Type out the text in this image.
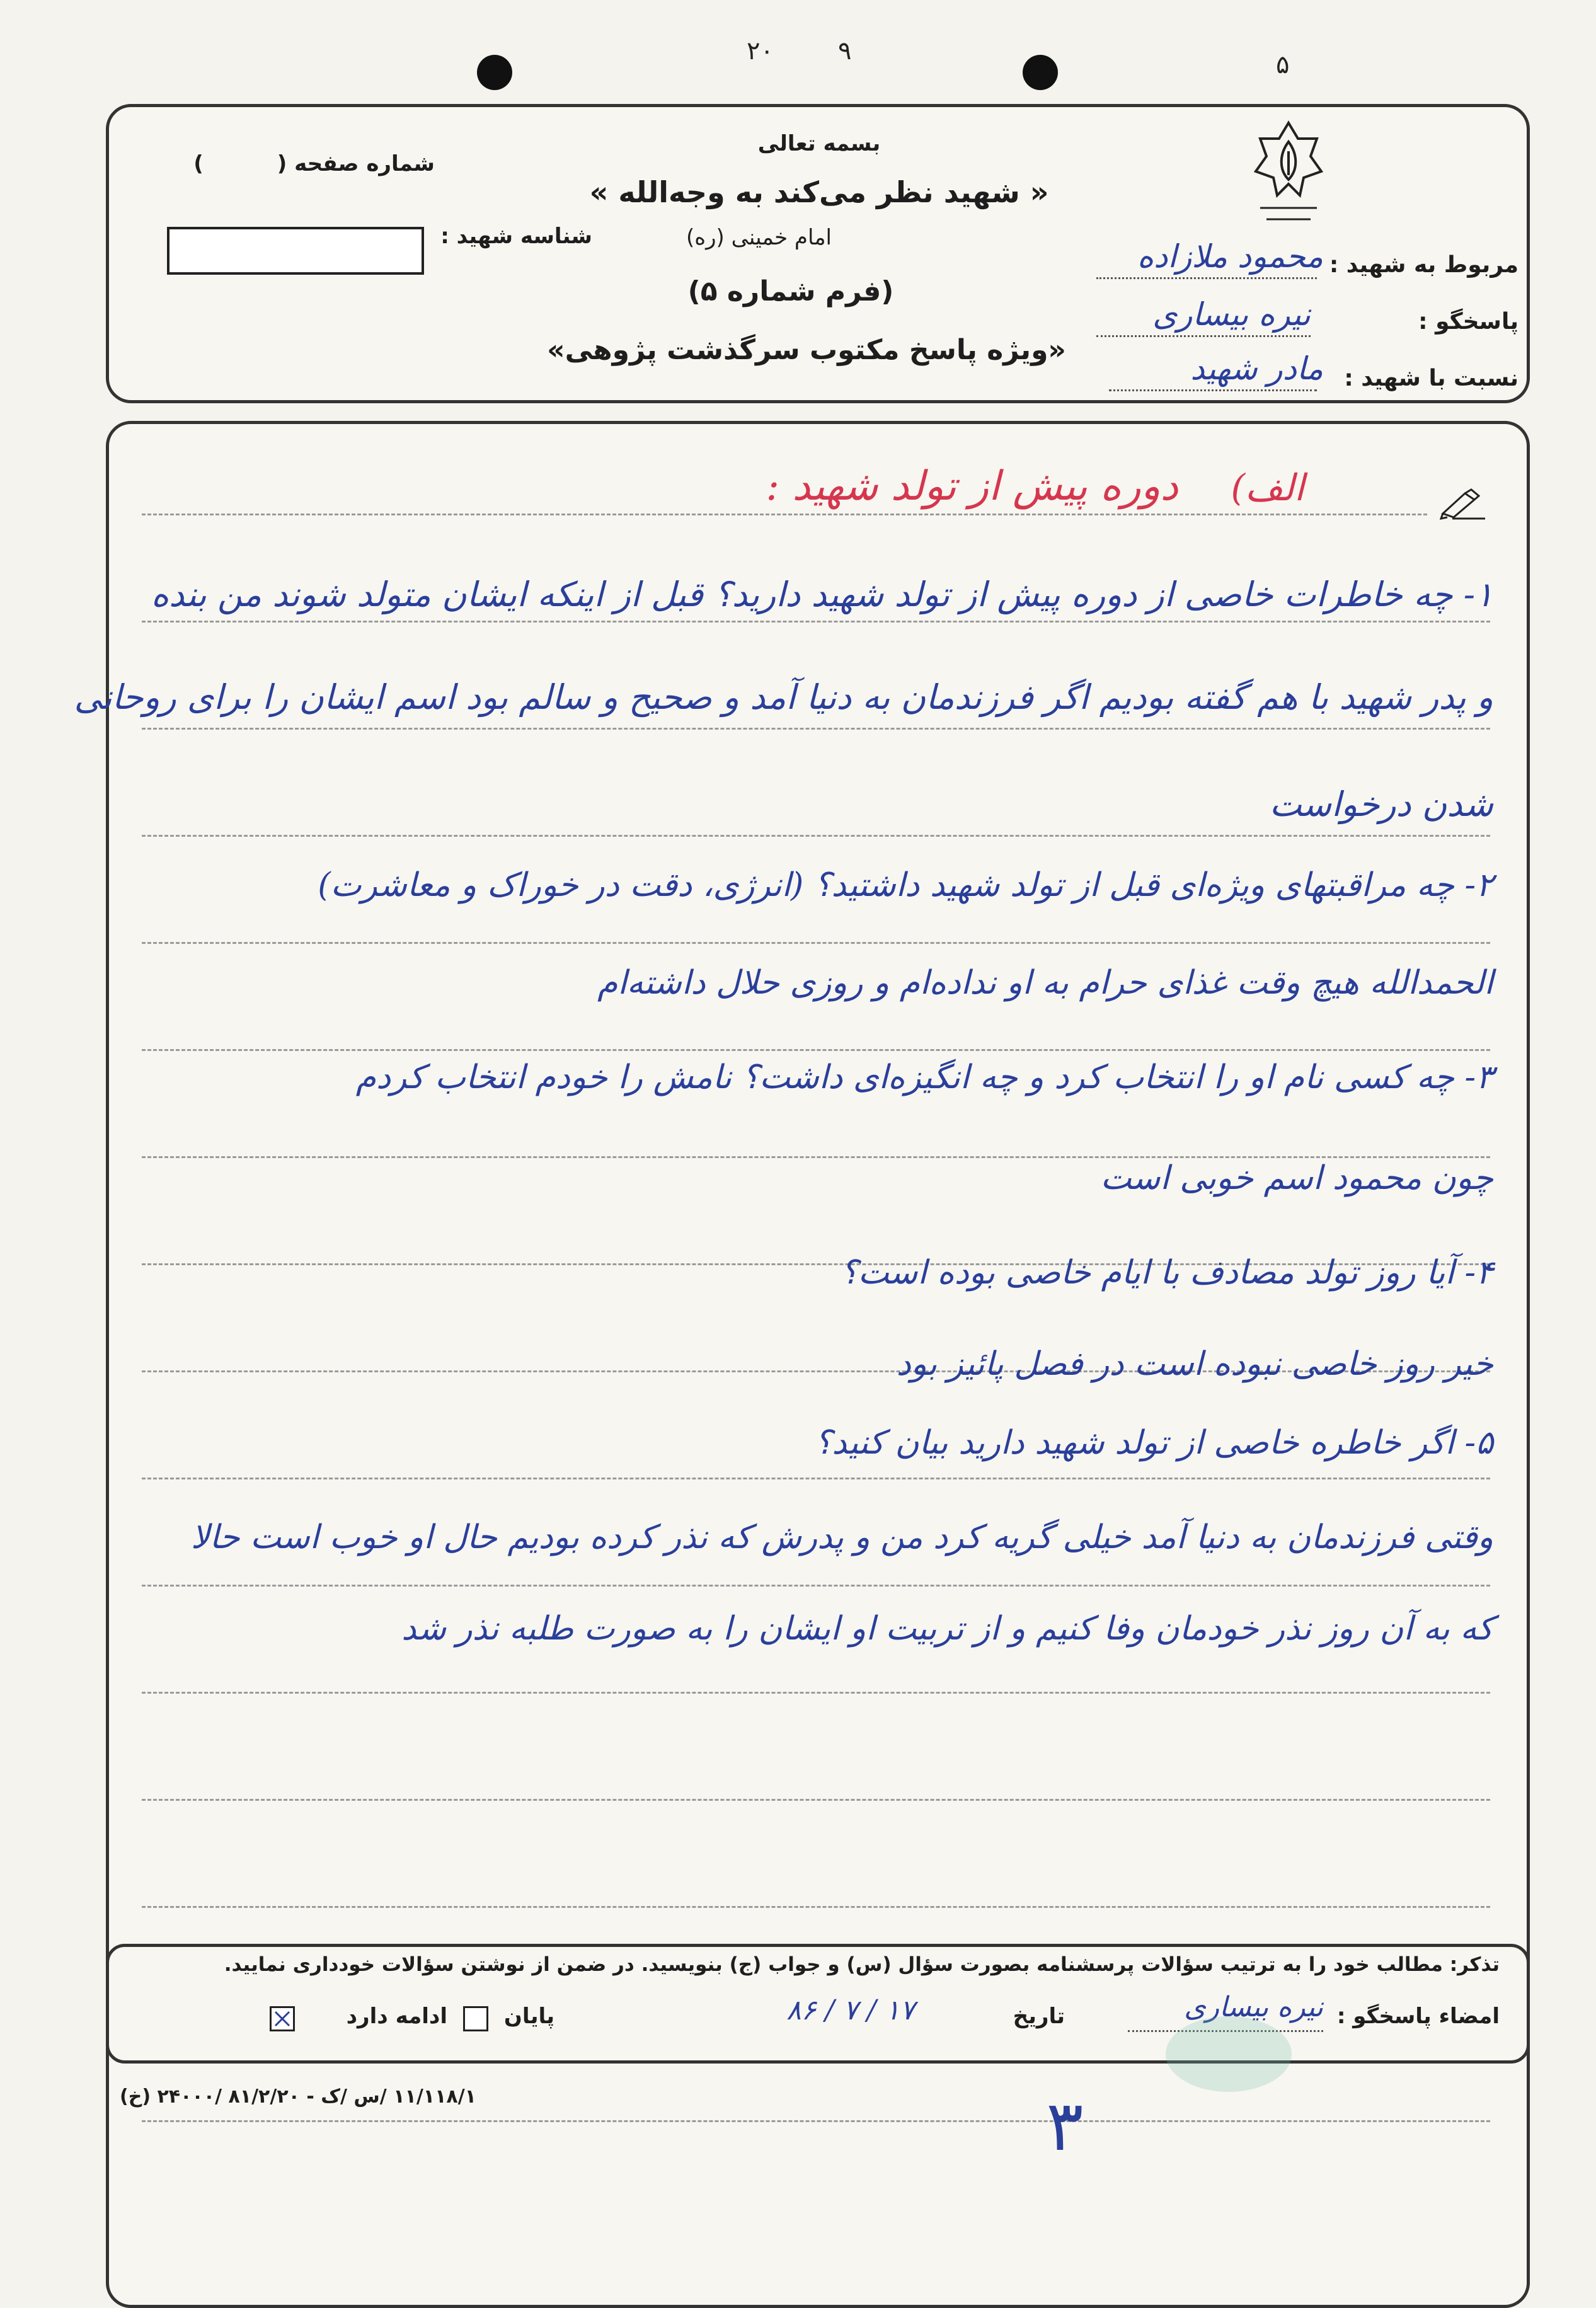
۲۰	۹	۵
بسمه تعالی
« شهید نظر می‌کند به وجه‌الله »
امام خمینی (ره)
شماره صفحه (
)
شناسه شهید :
(فرم شماره ۵)
«ویژه پاسخ مکتوب سرگذشت پژوهی»
مربوط به شهید :
محمود ملازاده
پاسخگو :
نیره بیساری
نسبت با شهید :
مادر شهید
الف)
دوره پیش از تولد شهید :
۱- چه خاطرات خاصی از دوره پیش از تولد شهید دارید؟ قبل از اینکه ایشان متولد شوند من بنده
و پدر شهید با هم گفته بودیم اگر فرزندمان به دنیا آمد و صحیح و سالم بود اسم ایشان را برای روحانی
شدن درخواست
۲- چه مراقبتهای ویژه‌ای قبل از تولد شهید داشتید؟ (انرژی، دقت در خوراک و معاشرت)
الحمدالله هیچ وقت غذای حرام به او نداده‌ام و روزی حلال داشته‌ام
۳- چه کسی نام او را انتخاب کرد و چه انگیزه‌ای داشت؟ نامش را خودم انتخاب کردم
چون محمود اسم خوبی است
۴- آیا روز تولد مصادف با ایام خاصی بوده است؟
خیر روز خاصی نبوده است در فصل پائیز بود
۵- اگر خاطره خاصی از تولد شهید دارید بیان کنید؟
وقتی فرزندمان به دنیا آمد خیلی گریه کرد من و پدرش که نذر کرده بودیم حال او خوب است حالا
که به آن روز نذر خودمان وفا کنیم و از تربیت او ایشان را به صورت طلبه نذر شد
تذکر: مطالب خود را به ترتیب سؤالات پرسشنامه بصورت سؤال (س) و جواب (ج) بنویسید. در ضمن از نوشتن سؤالات خودداری نمایید.
امضاء پاسخگو :
نیره بیساری
تاریخ
۸۶ / ۷ / ۱۷
پایان
ادامه دارد
۱۱/۱۱۸/۱ /س /ک - ۸۱/۲/۲۰ /۲۴۰۰۰ (خ)	۳
